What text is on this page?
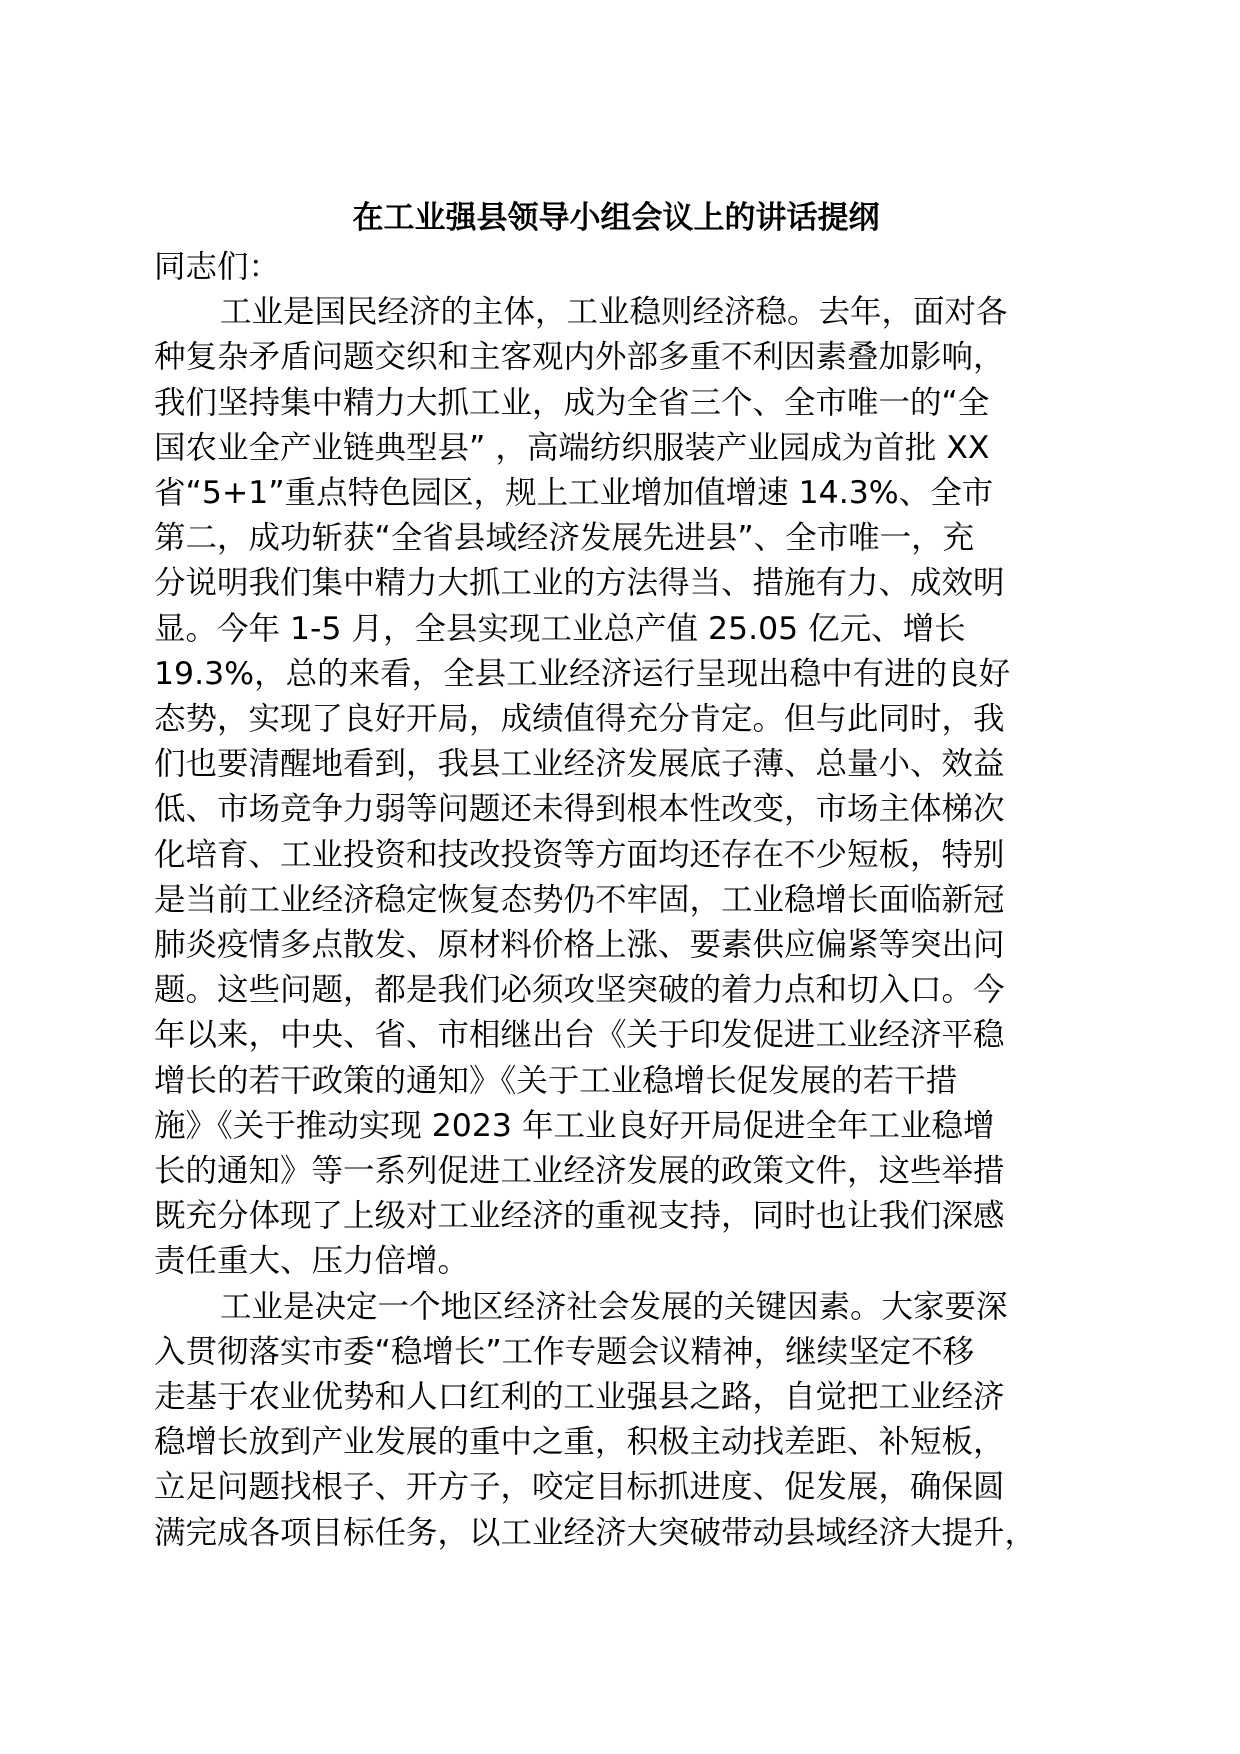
在工业强县领导小组会议上的讲话提纲

同志们：

工业是国民经济的主体，工业稳则经济稳。去年，面对各
种复杂矛盾问题交织和主客观内外部多重不利因素叠加影响，
我们坚持集中精力大抓工业，成为全省三个、全市唯一的“全
国农业全产业链典型县” ，高端纺织服装产业园成为首批 XX
省“5+1”重点特色园区，规上工业增加值增速 14.3%、全市
第二，成功斩获“全省县域经济发展先进县”、全市唯一，充
分说明我们集中精力大抓工业的方法得当、措施有力、成效明
显。今年 1-5 月，全县实现工业总产值 25.05 亿元、增长
19.3%，总的来看，全县工业经济运行呈现出稳中有进的良好
态势，实现了良好开局，成绩值得充分肯定。但与此同时，我
们也要清醒地看到，我县工业经济发展底子薄、总量小、效益
低、市场竞争力弱等问题还未得到根本性改变，市场主体梯次
化培育、工业投资和技改投资等方面均还存在不少短板，特别
是当前工业经济稳定恢复态势仍不牢固，工业稳增长面临新冠
肺炎疫情多点散发、原材料价格上涨、要素供应偏紧等突出问
题。这些问题，都是我们必须攻坚突破的着力点和切入口。今
年以来，中央、省、市相继出台《关于印发促进工业经济平稳
增长的若干政策的通知》《关于工业稳增长促发展的若干措
施》《关于推动实现 2023 年工业良好开局促进全年工业稳增
长的通知》等一系列促进工业经济发展的政策文件，这些举措
既充分体现了上级对工业经济的重视支持，同时也让我们深感
责任重大、压力倍增。
工业是决定一个地区经济社会发展的关键因素。大家要深
入贯彻落实市委“稳增长”工作专题会议精神，继续坚定不移
走基于农业优势和人口红利的工业强县之路，自觉把工业经济
稳增长放到产业发展的重中之重，积极主动找差距、补短板，
立足问题找根子、开方子，咬定目标抓进度、促发展，确保圆
满完成各项目标任务，以工业经济大突破带动县域经济大提升，
